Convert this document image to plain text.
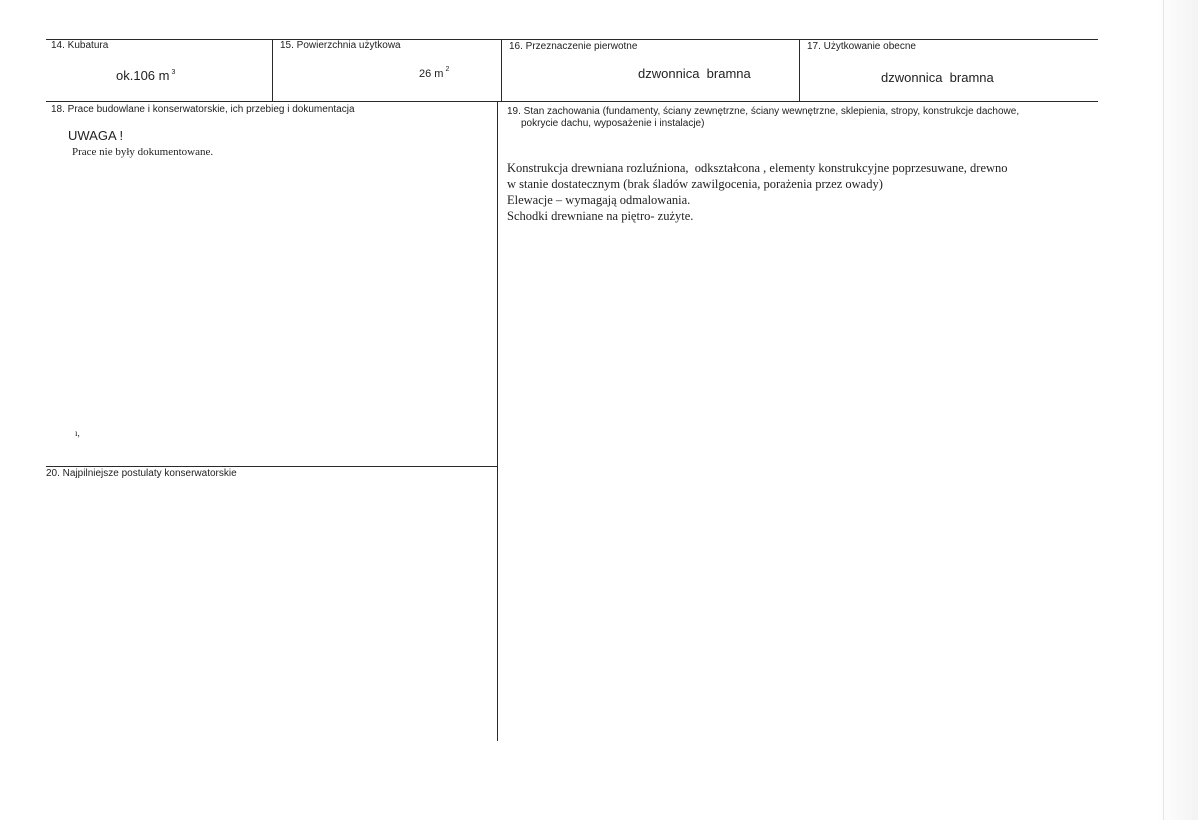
14. Kubatura
ok.106 m $^3$
15. Powierzchnia użytkowa
26 m $^2$
16. Przeznaczenie pierwotne
dzwonnica  bramna
17. Użytkowanie obecne
dzwonnica  bramna
18. Prace budowlane i konserwatorskie, ich przebieg i dokumentacja
UWAGA !
Prace nie były dokumentowane.
ı,
19. Stan zachowania (fundamenty, ściany zewnętrzne, ściany wewnętrzne, sklepienia, stropy, konstrukcje dachowe,
pokrycie dachu, wyposażenie i instalacje)
Konstrukcja drewniana rozluźniona,  odkształcona , elementy konstrukcyjne poprzesuwane, drewno
w stanie dostatecznym (brak śladów zawilgocenia, porażenia przez owady)
Elewacje – wymagają odmalowania.
Schodki drewniane na piętro- zużyte.
20. Najpilniejsze postulaty konserwatorskie
